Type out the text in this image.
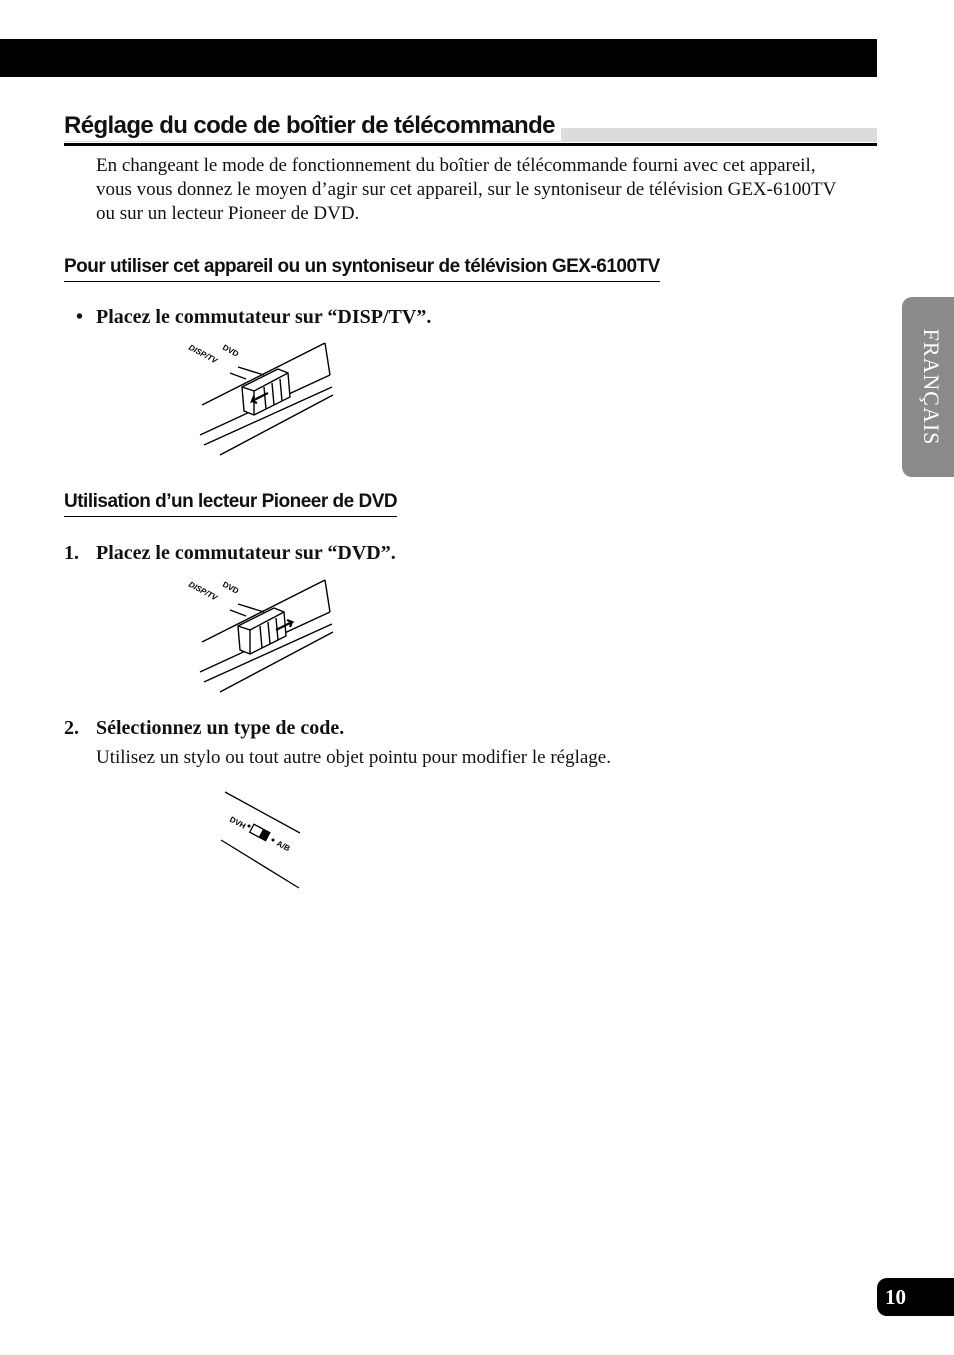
Réglage du code de boîtier de télécommande

En changeant le mode de fonctionnement du boîtier de télécommande fourni avec cet appareil, vous vous donnez le moyen d’agir sur cet appareil, sur le syntoniseur de télévision GEX-6100TV ou sur un lecteur Pioneer de DVD.

Pour utiliser cet appareil ou un syntoniseur de télévision GEX-6100TV

• Placez le commutateur sur “DISP/TV”.

DVD
DISP/TV
Utilisation d’un lecteur Pioneer de DVD

1. Placez le commutateur sur “DVD”.

DVD
DISP/TV

2. Sélectionnez un type de code.

Utilisez un stylo ou tout autre objet pointu pour modifier le réglage.

DVH
A/B
FRANÇAIS
10
